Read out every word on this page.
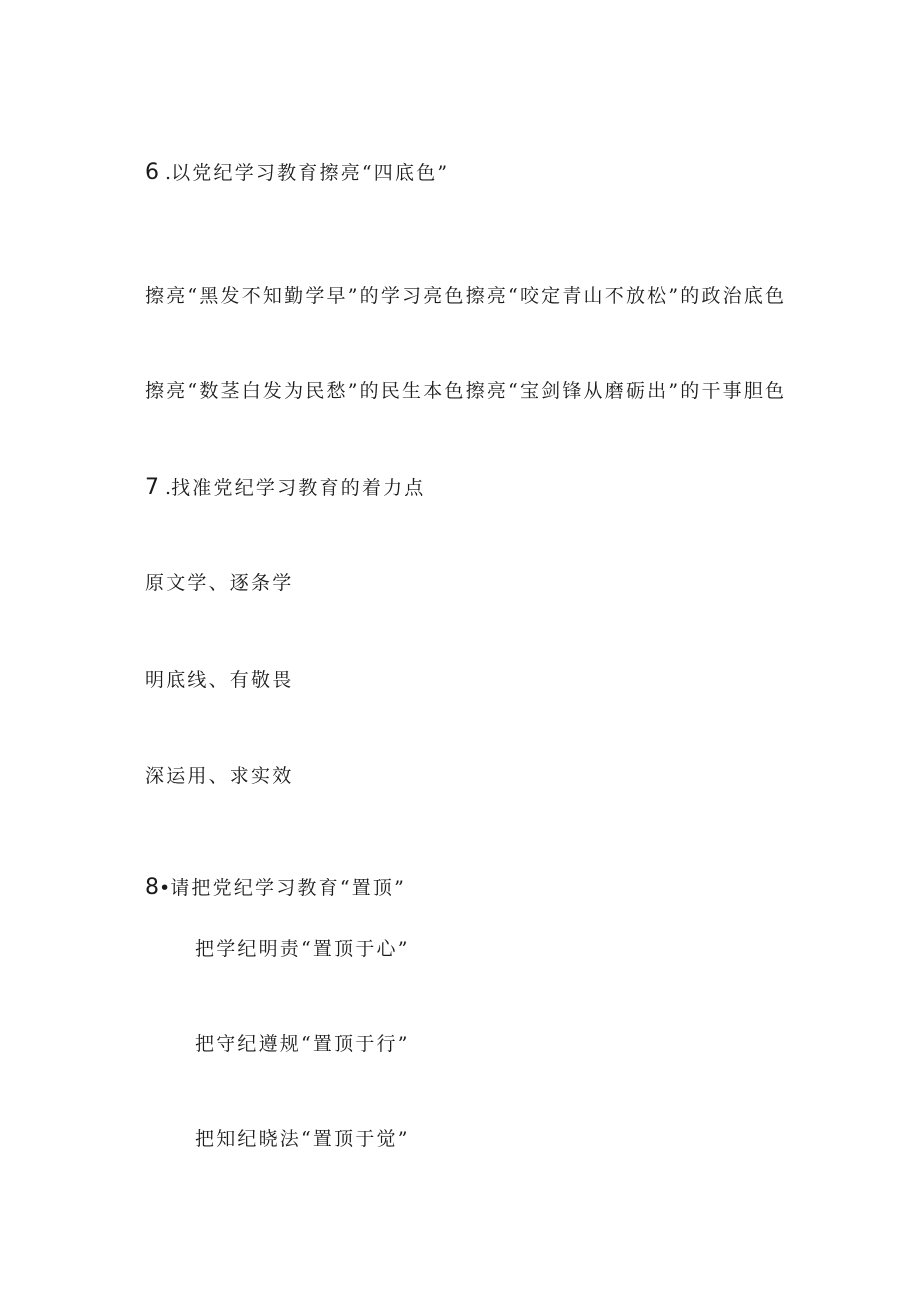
6 .以党纪学习教育擦亮“四底色”
擦亮“黑发不知勤学早”的学习亮色擦亮“咬定青山不放松”的政治底色
擦亮“数茎白发为民愁”的民生本色擦亮“宝剑锋从磨砺出”的干事胆色
7 .找准党纪学习教育的着力点
原文学、逐条学
明底线、有敬畏
深运用、求实效
8•请把党纪学习教育“置顶”
把学纪明责“置顶于心”
把守纪遵规“置顶于行”
把知纪晓法“置顶于觉”
